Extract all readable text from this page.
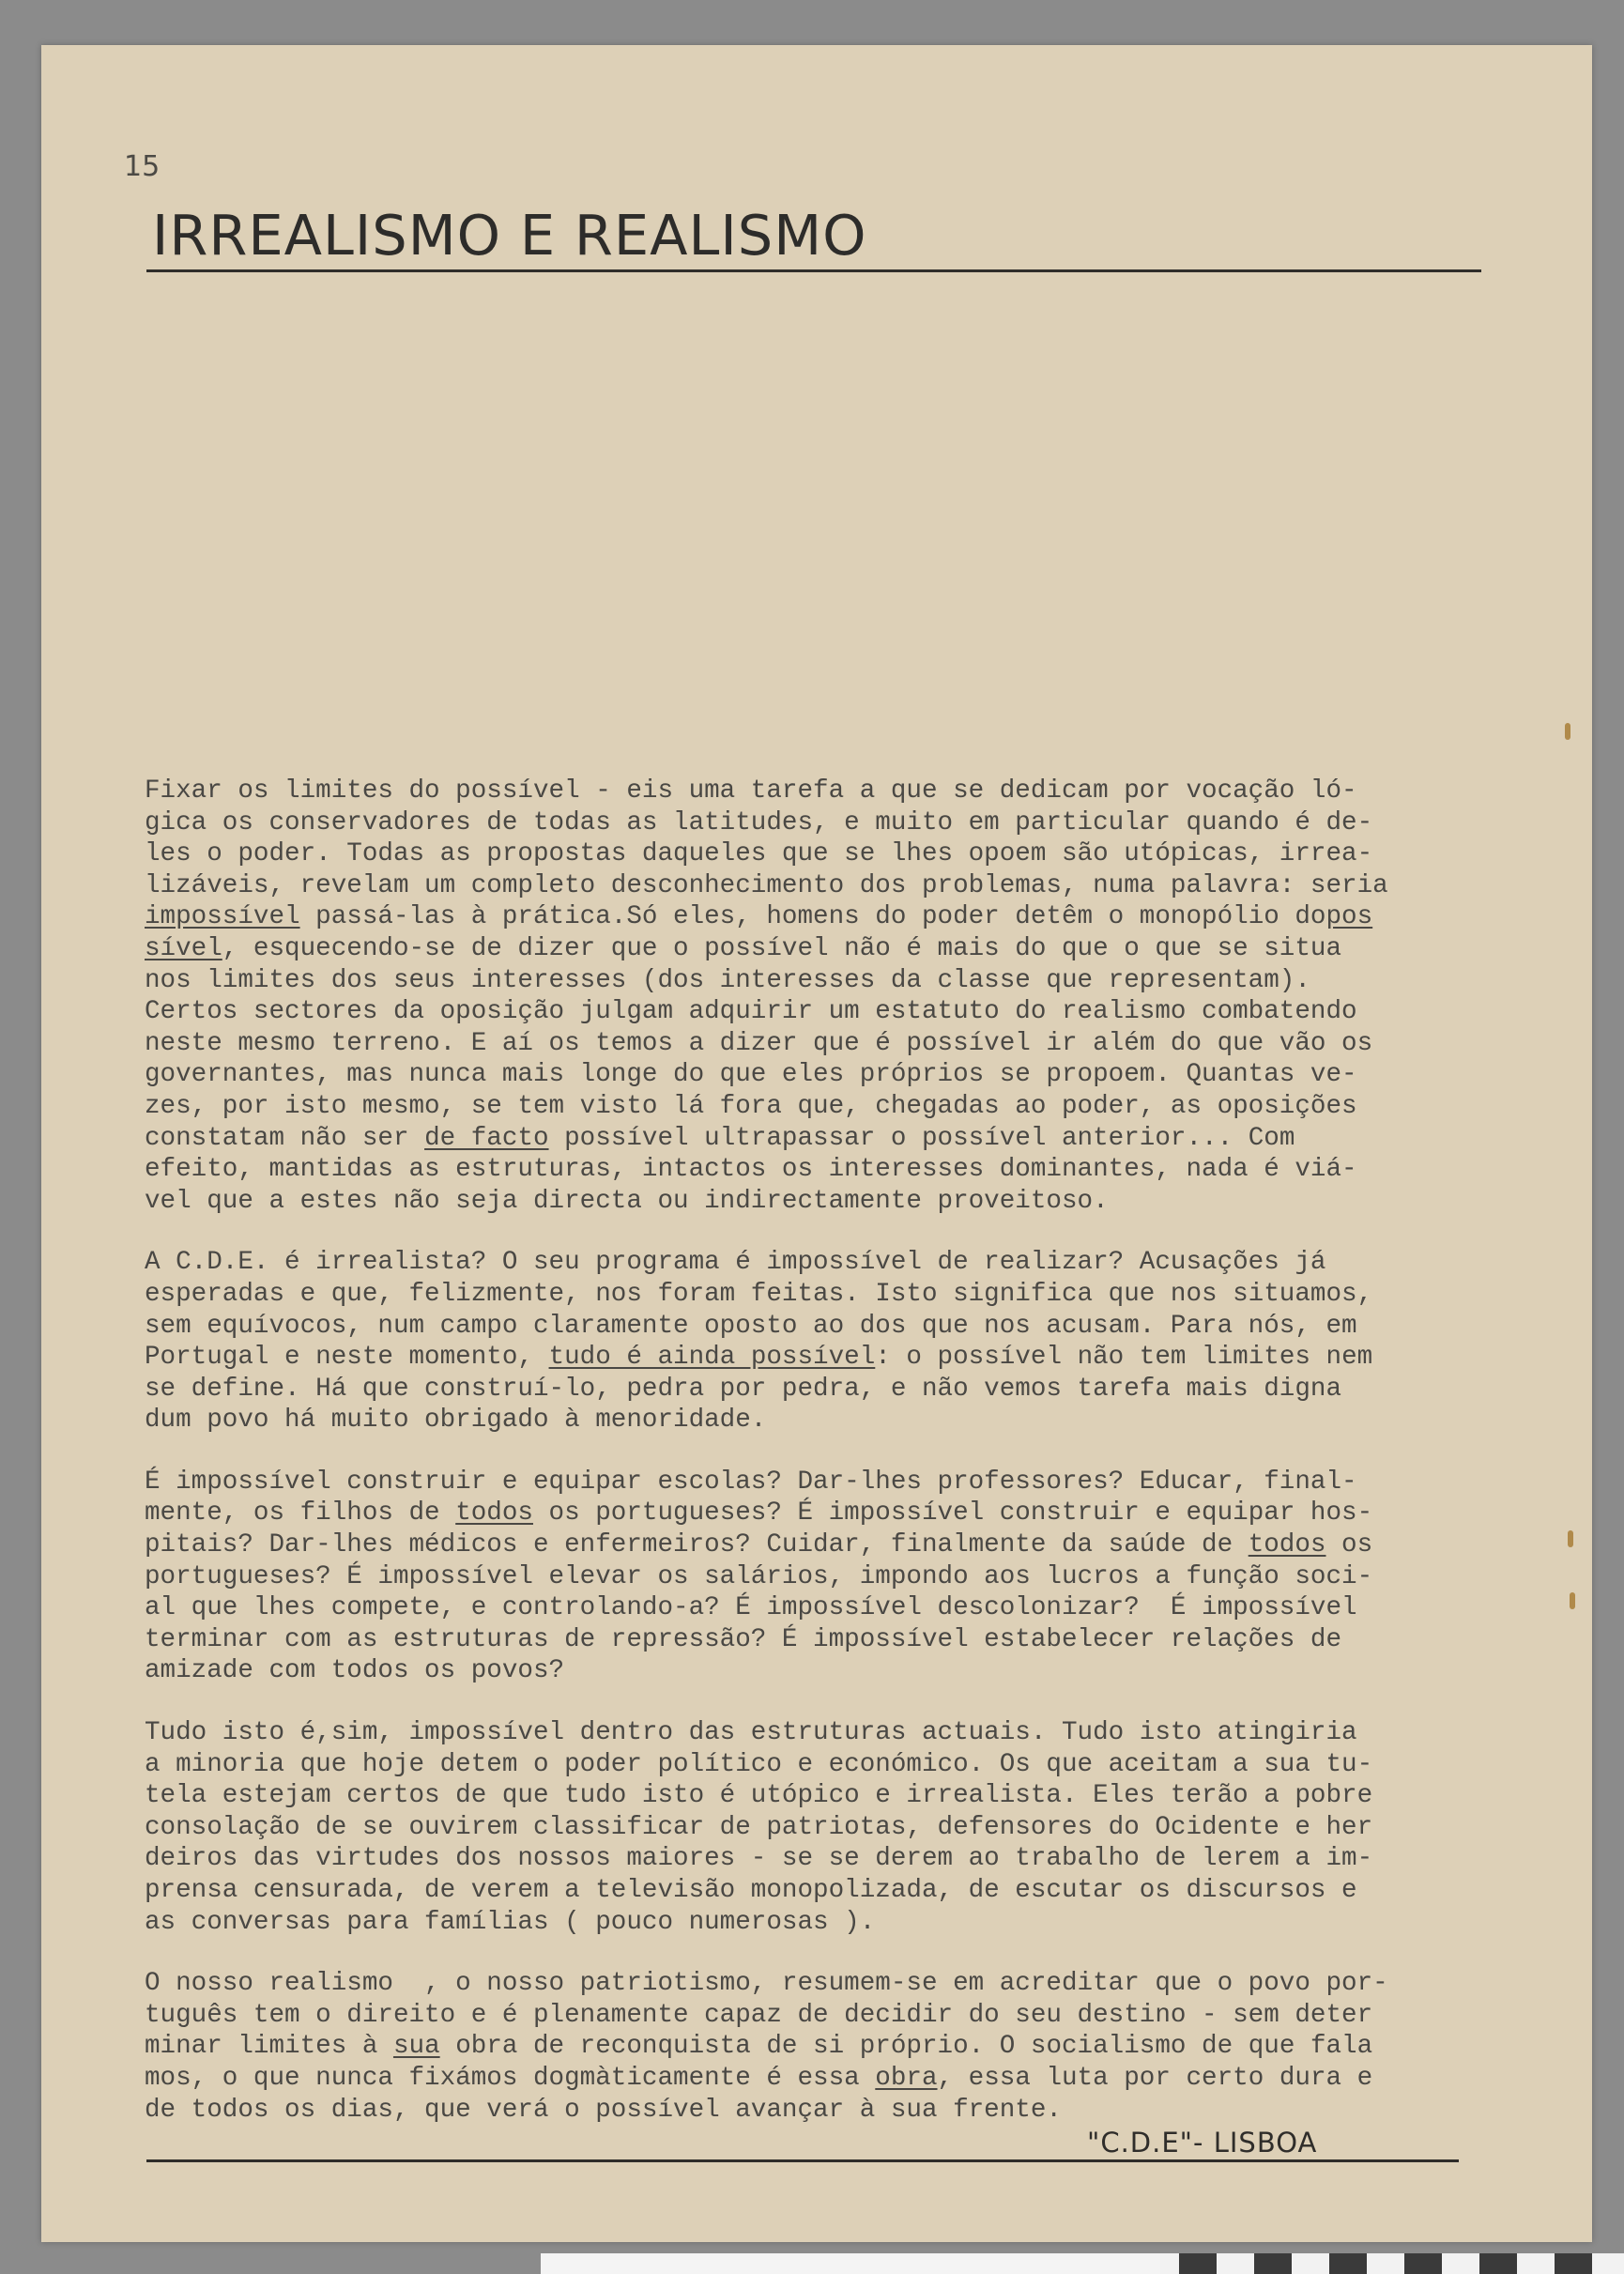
15
IRREALISMO E REALISMO
Fixar os limites do possível - eis uma tarefa a que se dedicam por vocação ló-
gica os conservadores de todas as latitudes, e muito em particular quando é de-
les o poder. Todas as propostas daqueles que se lhes opoem são utópicas, irrea-
lizáveis, revelam um completo desconhecimento dos problemas, numa palavra: seria
impossível passá-las à prática.Só eles, homens do poder detêm o monopólio dopos
sível, esquecendo-se de dizer que o possível não é mais do que o que se situa
nos limites dos seus interesses (dos interesses da classe que representam).
Certos sectores da oposição julgam adquirir um estatuto do realismo combatendo
neste mesmo terreno. E aí os temos a dizer que é possível ir além do que vão os
governantes, mas nunca mais longe do que eles próprios se propoem. Quantas ve-
zes, por isto mesmo, se tem visto lá fora que, chegadas ao poder, as oposições
constatam não ser de facto possível ultrapassar o possível anterior... Com
efeito, mantidas as estruturas, intactos os interesses dominantes, nada é viá-
vel que a estes não seja directa ou indirectamente proveitoso.
A C.D.E. é irrealista? O seu programa é impossível de realizar? Acusações já
esperadas e que, felizmente, nos foram feitas. Isto significa que nos situamos,
sem equívocos, num campo claramente oposto ao dos que nos acusam. Para nós, em
Portugal e neste momento, tudo é ainda possível: o possível não tem limites nem
se define. Há que construí-lo, pedra por pedra, e não vemos tarefa mais digna
dum povo há muito obrigado à menoridade.
É impossível construir e equipar escolas? Dar-lhes professores? Educar, final-
mente, os filhos de todos os portugueses? É impossível construir e equipar hos-
pitais? Dar-lhes médicos e enfermeiros? Cuidar, finalmente da saúde de todos os
portugueses? É impossível elevar os salários, impondo aos lucros a função soci-
al que lhes compete, e controlando-a? É impossível descolonizar?  É impossível
terminar com as estruturas de repressão? É impossível estabelecer relações de
amizade com todos os povos?
Tudo isto é,sim, impossível dentro das estruturas actuais. Tudo isto atingiria
a minoria que hoje detem o poder político e económico. Os que aceitam a sua tu-
tela estejam certos de que tudo isto é utópico e irrealista. Eles terão a pobre
consolação de se ouvirem classificar de patriotas, defensores do Ocidente e her
deiros das virtudes dos nossos maiores - se se derem ao trabalho de lerem a im-
prensa censurada, de verem a televisão monopolizada, de escutar os discursos e
as conversas para famílias ( pouco numerosas ).
O nosso realismo  , o nosso patriotismo, resumem-se em acreditar que o povo por-
tuguês tem o direito e é plenamente capaz de decidir do seu destino - sem deter
minar limites à sua obra de reconquista de si próprio. O socialismo de que fala
mos, o que nunca fixámos dogmàticamente é essa obra, essa luta por certo dura e
de todos os dias, que verá o possível avançar à sua frente.
"C.D.E"- LISBOA
